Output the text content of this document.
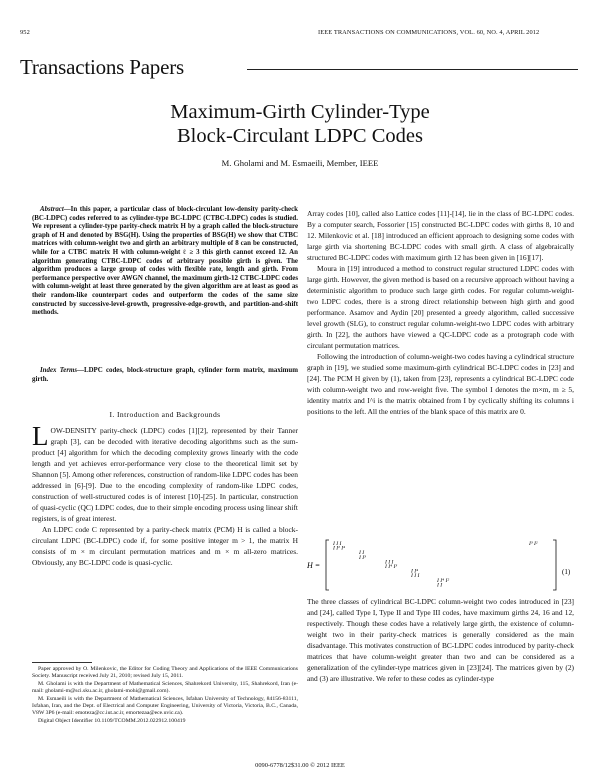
952	IEEE TRANSACTIONS ON COMMUNICATIONS, VOL. 60, NO. 4, APRIL 2012
Transactions Papers
Maximum-Girth Cylinder-Type
Block-Circulant LDPC Codes
M. Gholami and M. Esmaeili, Member, IEEE

Abstract—In this paper, a particular class of block-circulant low-density parity-check (BC-LDPC) codes referred to as cylinder-type BC-LDPC (CTBC-LDPC) codes is studied. We represent a cylinder-type parity-check matrix H by a graph called the block-structure graph of H and denoted by BSG(H). Using the properties of BSG(H) we show that CTBC matrices with column-weight two and girth an arbitrary multiple of 8 can be constructed, while for a CTBC matrix H with column-weight ℓ ≥ 3 this girth cannot exceed 12. An algorithm generating CTBC-LDPC codes of arbitrary possible girth is given. The algorithm produces a large group of codes with flexible rate, length and girth. From performance perspective over AWGN channel, the maximum girth-12 CTBC-LDPC codes with column-weight at least three generated by the given algorithm are at least as good as their random-like counterpart codes and outperform the codes of the same size constructed by successive-level-growth, progressive-edge-growth, and partition-and-shift methods.

Index Terms—LDPC codes, block-structure graph, cylinder form matrix, maximum girth.
I. Introduction and Backgrounds

LOW-DENSITY parity-check (LDPC) codes [1][2], represented by their Tanner graph [3], can be decoded with iterative decoding algorithms such as the sum-product [4] algorithm for which the decoding complexity grows linearly with the code length and yet achieves error-performance very close to the theoretical limit set by Shannon [5]. Among other references, construction of random-like LDPC codes has been addressed in [6]-[9]. Due to the encoding complexity of random-like LDPC codes, construction of well-structured codes is of interest [10]-[25]. In particular, construction of quasi-cyclic (QC) LDPC codes, due to their simple encoding process using linear shift registers, is of great interest.

An LDPC code C represented by a parity-check matrix (PCM) H is called a block-circulant LDPC (BC-LDPC) code if, for some positive integer m > 1, the matrix H consists of m × m circulant permutation matrices and m × m all-zero matrices. Obviously, any BC-LDPC code is quasi-cyclic.

Paper approved by O. Milenkovic, the Editor for Coding Theory and Applications of the IEEE Communications Society. Manuscript received July 21, 2010; revised July 15, 2011.

M. Gholami is with the Department of Mathematical Sciences, Shahrekord University, 115, Shahrekord, Iran (e-mail: gholami-m@sci.sku.ac.ir, gholami-mohi@gmail.com).

M. Esmaeili is with the Department of Mathematical Sciences, Isfahan University of Technology, 84156-83111, Isfahan, Iran, and the Dept. of Electrical and Computer Engineering, University of Victoria, Victoria, B.C., Canada, V8W 3P6 (e-mail: emoteza@cc.iut.ac.ir, emortezaa@ece.uvic.ca).

Digital Object Identifier 10.1109/TCOMM.2012.022912.100419

Array codes [10], called also Lattice codes [11]-[14], lie in the class of BC-LDPC codes. By a computer search, Fossorier [15] constructed BC-LDPC codes with girths 8, 10 and 12. Milenkovic et al. [18] introduced an efficient approach to designing some codes with large girth via shortening BC-LDPC codes with small girth. A class of algebraically structured BC-LDPC codes with maximum girth 12 has been given in [16][17].

Moura in [19] introduced a method to construct regular structured LDPC codes with large girth. However, the given method is based on a recursive approach without having a deterministic algorithm to produce such large girth codes. For regular column-weight-two LDPC codes, there is a strong direct relationship between high girth and good performance. Asamov and Aydin [20] presented a greedy algorithm, called successive level growth (SLG), to construct regular column-weight-two LDPC codes with arbitrary girth. In [22], the authors have viewed a QC-LDPC code as a protograph code with circulant permutation matrices.

Following the introduction of column-weight-two codes having a cylindrical structure graph in [19], we studied some maximum-girth cylindrical BC-LDPC codes in [23] and [24]. The PCM H given by (1), taken from [23], represents a cylindrical BC-LDPC code with column-weight two and row-weight five. The symbol I denotes the m×m, m ≥ 5, identity matrix and I^i is the matrix obtained from I by cyclically shifting its columns i positions to the left. All the entries of the blank space of this matrix are 0.

H =
I I I
I I² I⁴
I I
I I³
I I I
I I⁴ I³
I I⁴
I I I
I I⁴ I²
I I
I³ I²
(1)

The three classes of cylindrical BC-LDPC column-weight two codes introduced in [23] and [24], called Type I, Type II and Type III codes, have maximum girths 24, 16 and 12, respectively. Though these codes have a relatively large girth, the existence of column-weight two in their parity-check matrices is generally considered as the main disadvantage. This motivates construction of BC-LDPC codes introduced by parity-check matrices that have column-weight greater than two and can be considered as a generalization of the cylinder-type matrices given in [23][24]. The matrices given by (2) and (3) are illustrative. We refer to these codes as cylinder-type

0090-6778/12$31.00 © 2012 IEEE
